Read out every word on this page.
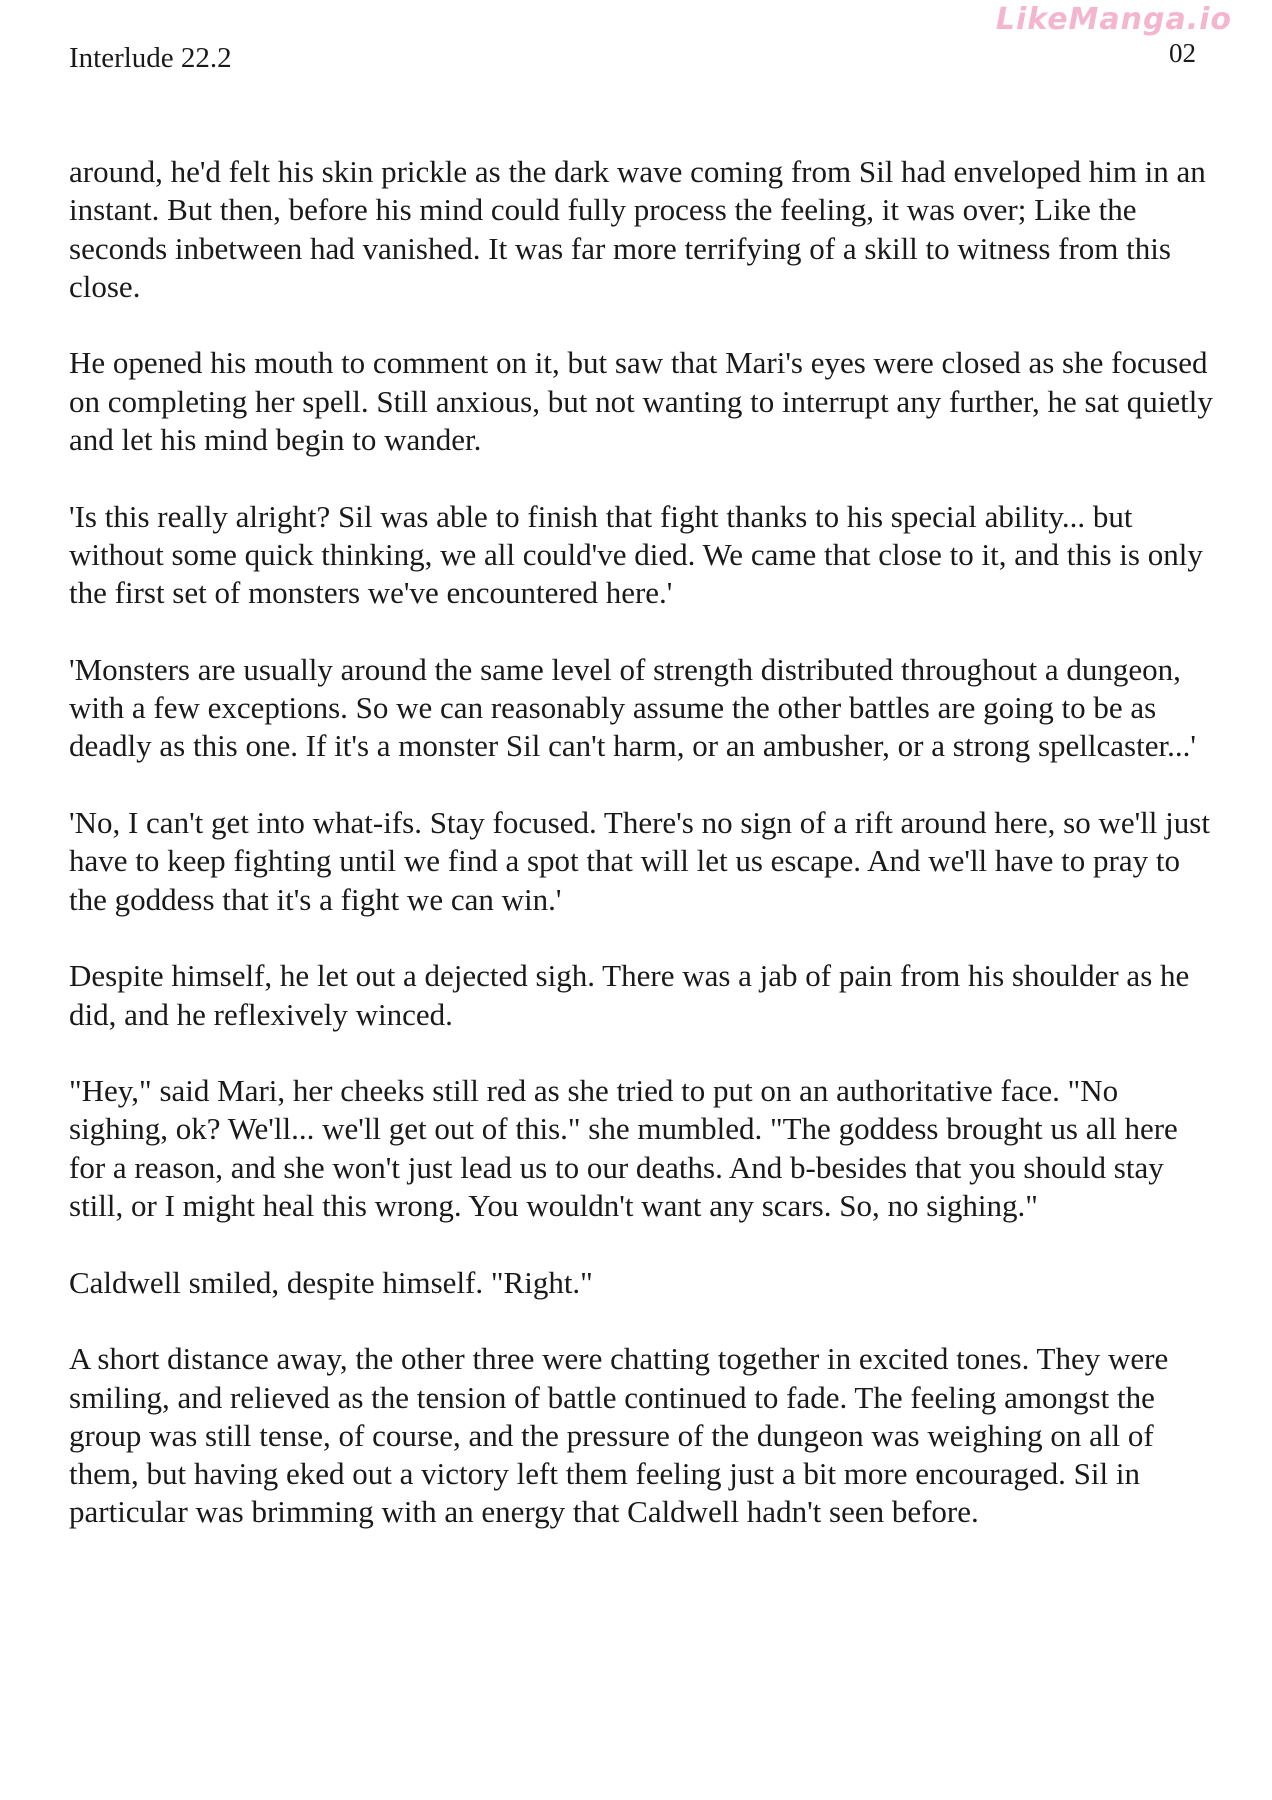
Interlude 22.2
LikeManga.io
02

around, he'd felt his skin prickle as the dark wave coming from Sil had enveloped him in an instant. But then, before his mind could fully process the feeling, it was over; Like the seconds inbetween had vanished. It was far more terrifying of a skill to witness from this close.

He opened his mouth to comment on it, but saw that Mari's eyes were closed as she focused on completing her spell. Still anxious, but not wanting to interrupt any further, he sat quietly and let his mind begin to wander.

'Is this really alright? Sil was able to finish that fight thanks to his special ability... but without some quick thinking, we all could've died. We came that close to it, and this is only the first set of monsters we've encountered here.'

'Monsters are usually around the same level of strength distributed throughout a dungeon, with a few exceptions. So we can reasonably assume the other battles are going to be as deadly as this one. If it's a monster Sil can't harm, or an ambusher, or a strong spellcaster...'

'No, I can't get into what-ifs. Stay focused. There's no sign of a rift around here, so we'll just have to keep fighting until we find a spot that will let us escape. And we'll have to pray to the goddess that it's a fight we can win.'

Despite himself, he let out a dejected sigh. There was a jab of pain from his shoulder as he did, and he reflexively winced.

"Hey," said Mari, her cheeks still red as she tried to put on an authoritative face. "No sighing, ok? We'll... we'll get out of this." she mumbled. "The goddess brought us all here for a reason, and she won't just lead us to our deaths. And b-besides that you should stay still, or I might heal this wrong. You wouldn't want any scars. So, no sighing."

Caldwell smiled, despite himself. "Right."

A short distance away, the other three were chatting together in excited tones. They were smiling, and relieved as the tension of battle continued to fade. The feeling amongst the group was still tense, of course, and the pressure of the dungeon was weighing on all of them, but having eked out a victory left them feeling just a bit more encouraged. Sil in particular was brimming with an energy that Caldwell hadn't seen before.
